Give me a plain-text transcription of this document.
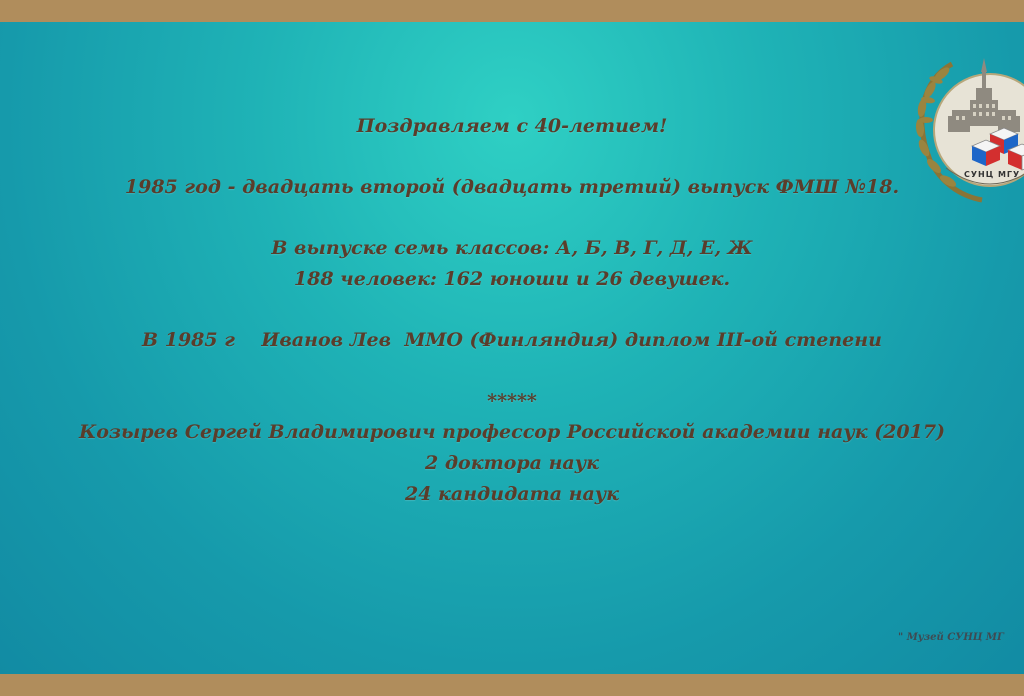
Поздравляем с 40-летием!
1985 год - двадцать второй (двадцать третий) выпуск ФМШ №18.
В выпуске семь классов: А, Б, В, Г, Д, Е, Ж
188 человек: 162 юноши и 26 девушек.
В 1985 г    Иванов Лев  ММО (Финляндия) диплом III-ой степени
*****
Козырев Сергей Владимирович профессор Российской академии наук (2017)
2 доктора наук
24 кандидата наук
СУНЦ МГУ
" Музей СУНЦ МГ
